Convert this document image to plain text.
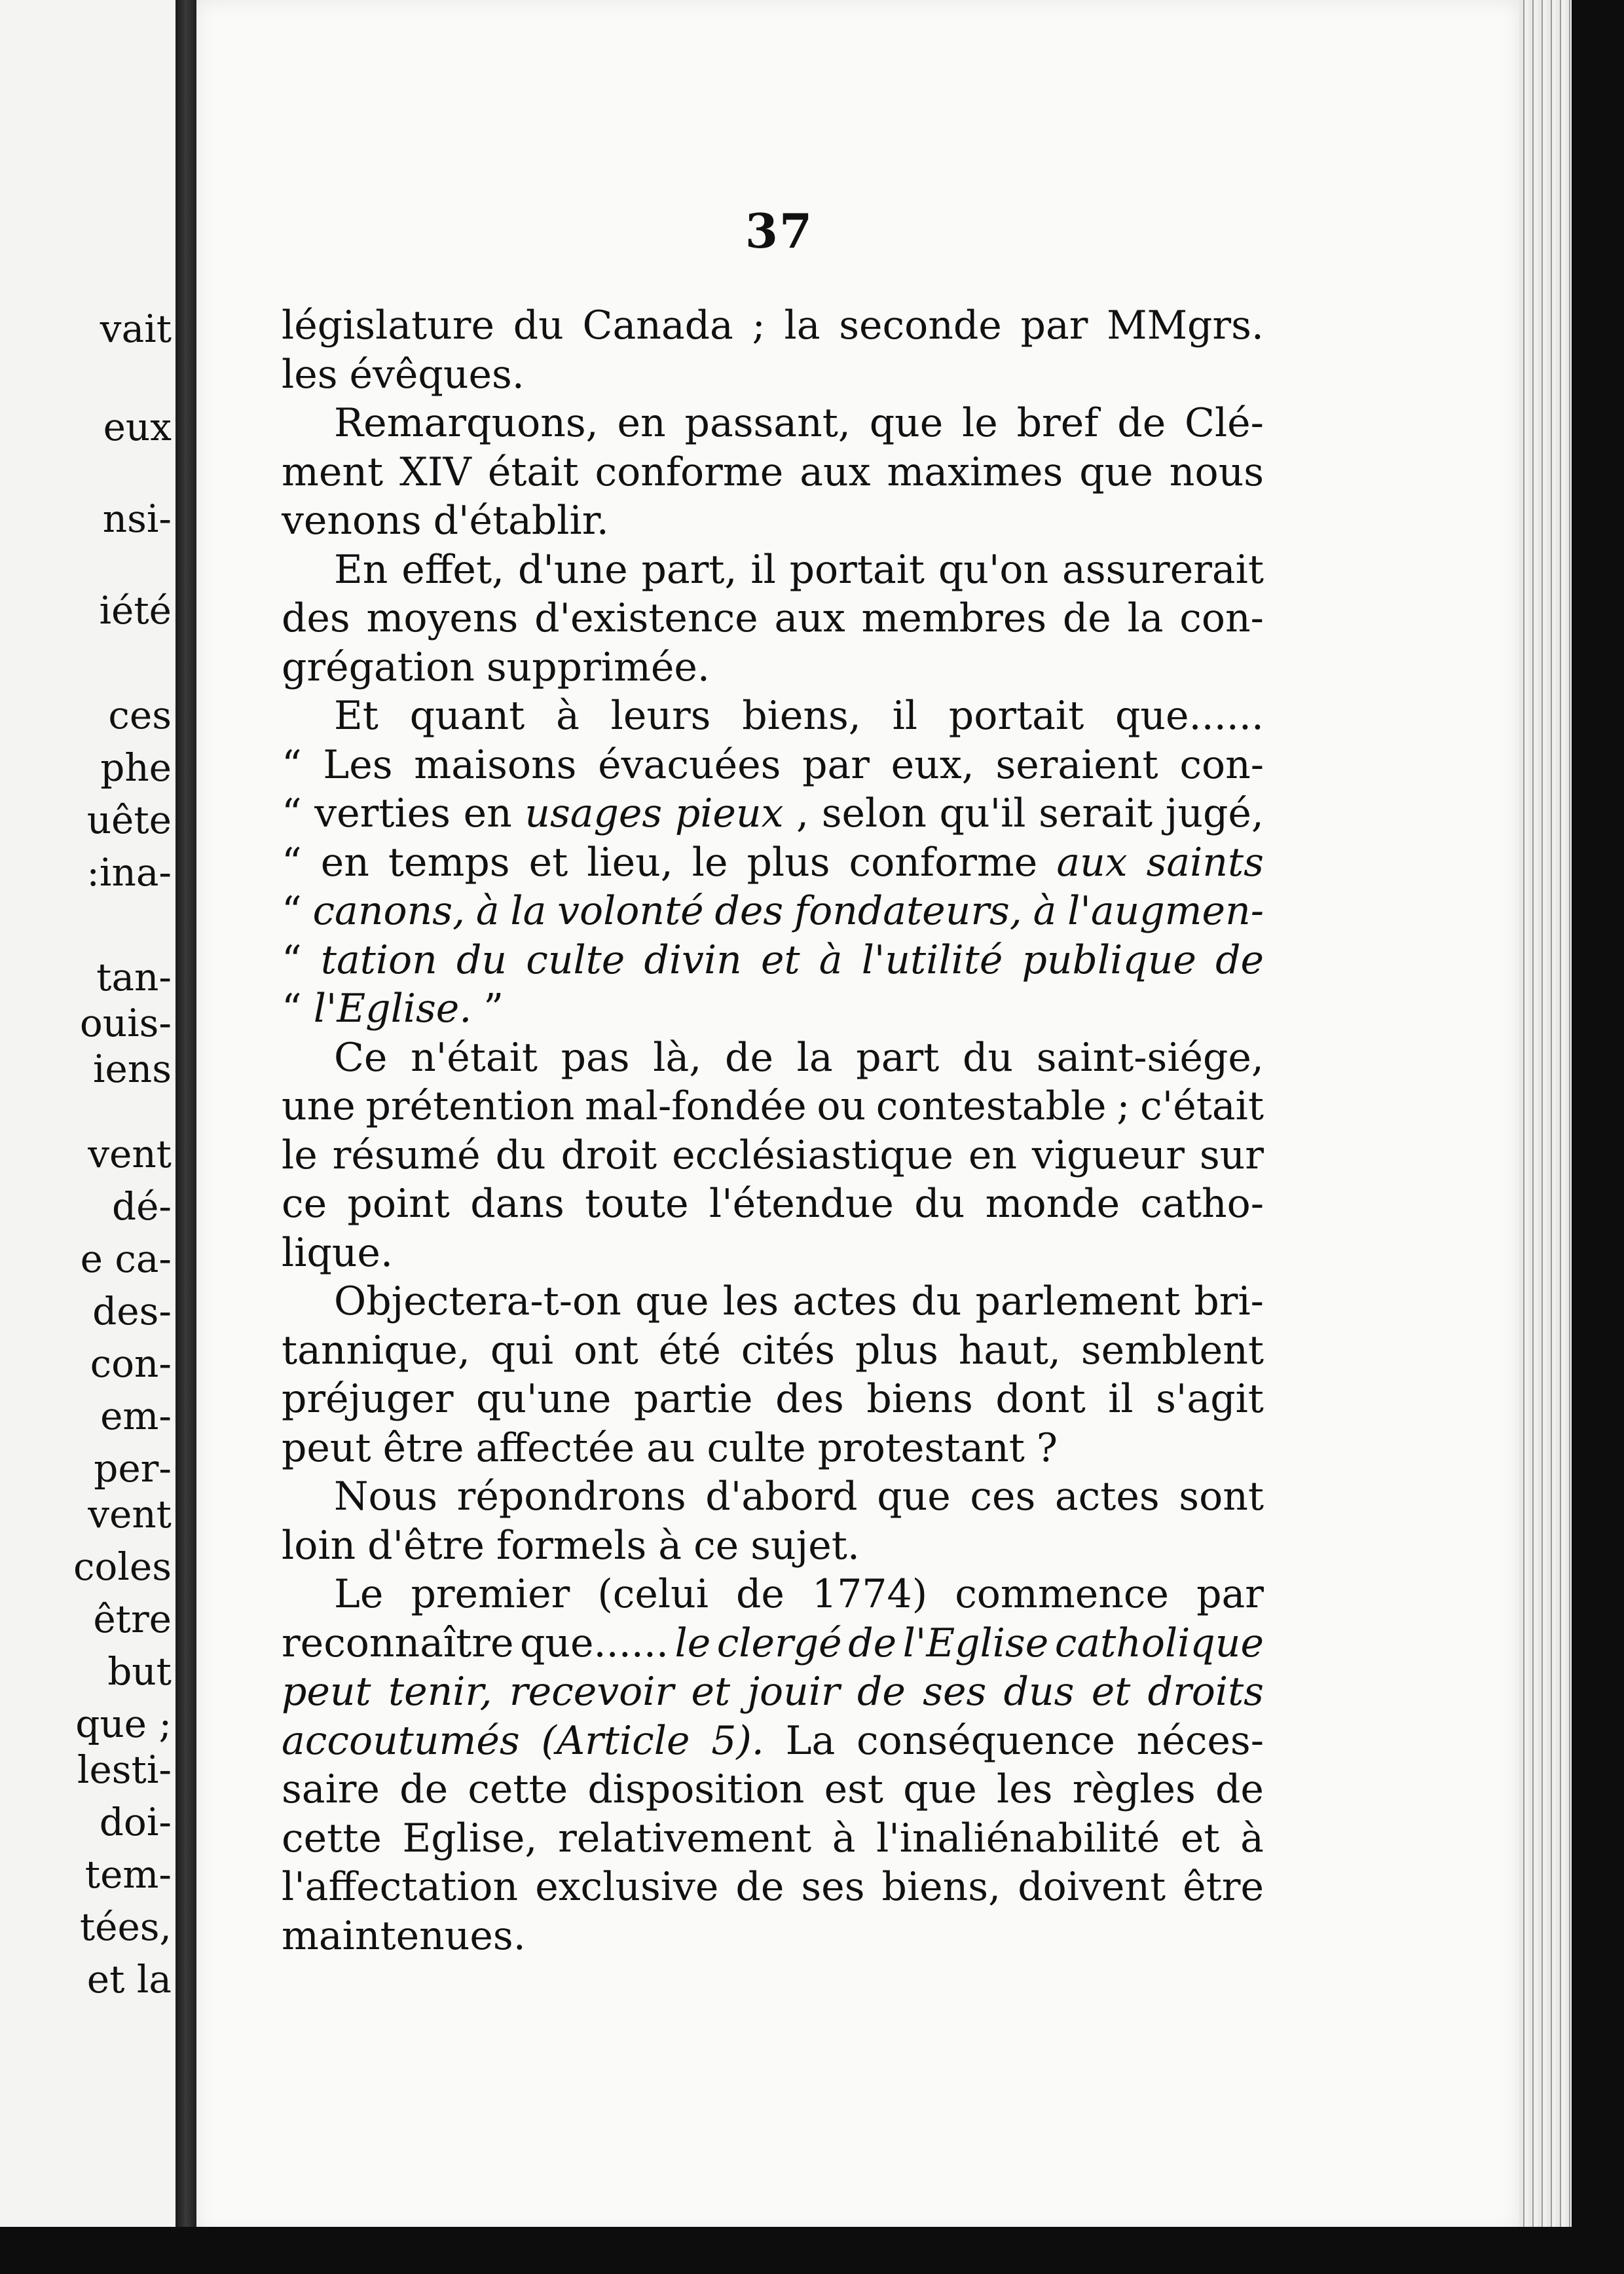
vait
eux
nsi-
iété
ces
phe
uête
:ina-
tan-
ouis-
iens
vent
dé-
e ca-
des-
con-
em-
per-
vent
coles
être
but
que ;
lesti-
doi-
tem-
tées,
et la
37
législature du Canada ; la seconde par MMgrs.
les évêques.
Remarquons, en passant, que le bref de Clé-
ment XIV était conforme aux maximes que nous
venons d'établir.
En effet, d'une part, il portait qu'on assurerait
des moyens d'existence aux membres de la con-
grégation supprimée.
Et quant à leurs biens, il portait que......
“ Les maisons évacuées par eux, seraient con-
“ verties en usages pieux , selon qu'il serait jugé,
“ en temps et lieu, le plus conforme aux saints
“ canons, à la volonté des fondateurs, à l'augmen-
“ tation du culte divin et à l'utilité publique de
“ l'Eglise. ”
Ce n'était pas là, de la part du saint-siége,
une prétention mal-fondée ou contestable ; c'était
le résumé du droit ecclésiastique en vigueur sur
ce point dans toute l'étendue du monde catho-
lique.
Objectera-t-on que les actes du parlement bri-
tannique, qui ont été cités plus haut, semblent
préjuger qu'une partie des biens dont il s'agit
peut être affectée au culte protestant ?
Nous répondrons d'abord que ces actes sont
loin d'être formels à ce sujet.
Le premier (celui de 1774) commence par
reconnaître que...... le clergé de l'Eglise catholique
peut tenir, recevoir et jouir de ses dus et droits
accoutumés (Article 5). La conséquence néces-
saire de cette disposition est que les règles de
cette Eglise, relativement à l'inaliénabilité et à
l'affectation exclusive de ses biens, doivent être
maintenues.
